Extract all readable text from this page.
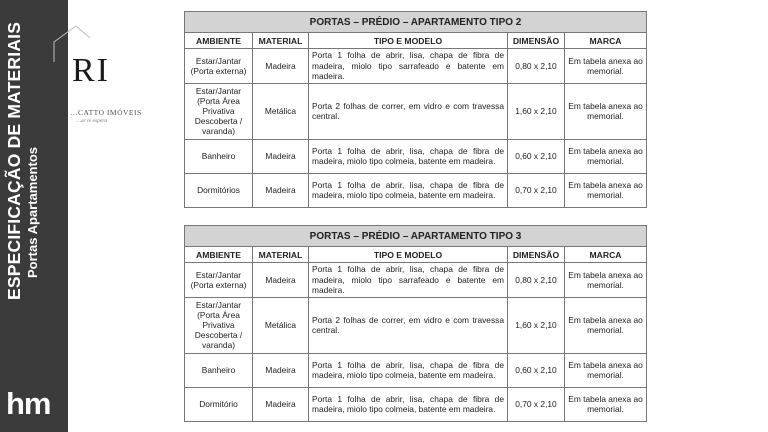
ESPECIFICAÇÃO DE MATERIAIS Portas Apartamentos
hm
RI
…CATTO IMÓVEIS
…ar te espera
PORTAS – PRÉDIO – APARTAMENTO TIPO 2				
AMBIENTE	MATERIAL	TIPO E MODELO	DIMENSÃO	MARCA
Estar/Jantar (Porta externa)	Madeira	Porta 1 folha de abrir, lisa, chapa de fibra de madeira, miolo tipo sarrafeado e batente em madeira.	0,80 x 2,10	Em tabela anexa ao memorial.
Estar/Jantar (Porta Área Privativa Descoberta / varanda)	Metálica	Porta 2 folhas de correr, em vidro e com travessa central.	1,60 x 2,10	Em tabela anexa ao memorial.
Banheiro	Madeira	Porta 1 folha de abrir, lisa, chapa de fibra de madeira, miolo tipo colmeia, batente em madeira.	0,60 x 2,10	Em tabela anexa ao memorial.
Dormitórios	Madeira	Porta 1 folha de abrir, lisa, chapa de fibra de madeira, miolo tipo colmeia, batente em madeira.	0,70 x 2,10	Em tabela anexa ao memorial.
PORTAS – PRÉDIO – APARTAMENTO TIPO 3				
AMBIENTE	MATERIAL	TIPO E MODELO	DIMENSÃO	MARCA
Estar/Jantar (Porta externa)	Madeira	Porta 1 folha de abrir, lisa, chapa de fibra de madeira, miolo tipo sarrafeado e batente em madeira.	0,80 x 2,10	Em tabela anexa ao memorial.
Estar/Jantar (Porta Área Privativa Descoberta / varanda)	Metálica	Porta 2 folhas de correr, em vidro e com travessa central.	1,60 x 2,10	Em tabela anexa ao memorial.
Banheiro	Madeira	Porta 1 folha de abrir, lisa, chapa de fibra de madeira, miolo tipo colmeia, batente em madeira.	0,60 x 2,10	Em tabela anexa ao memorial.
Dormitório	Madeira	Porta 1 folha de abrir, lisa, chapa de fibra de madeira, miolo tipo colmeia, batente em madeira.	0,70 x 2,10	Em tabela anexa ao memorial.
